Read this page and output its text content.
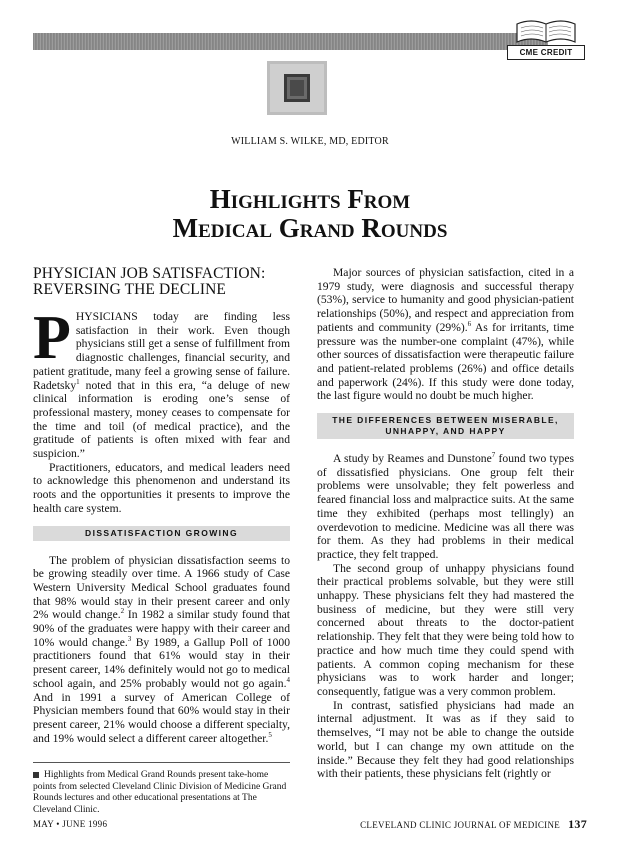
CME CREDIT
WILLIAM S. WILKE, MD, EDITOR
Highlights From
Medical Grand Rounds
PHYSICIAN JOB SATISFACTION:
REVERSING THE DECLINE

PHYSICIANS today are finding less satisfaction in their work. Even though physicians still get a sense of fulfillment from diagnostic challenges, financial security, and patient gratitude, many feel a growing sense of failure. Radetsky$^1$ noted that in this era, “a deluge of new clinical information is eroding one’s sense of professional mastery, money ceases to compensate for the time and toil (of medical practice), and the gratitude of patients is often mixed with fear and suspicion.”

Practitioners, educators, and medical leaders need to acknowledge this phenomenon and understand its roots and the opportunities it presents to improve the health care system.

DISSATISFACTION GROWING

The problem of physician dissatisfaction seems to be growing steadily over time. A 1966 study of Case Western University Medical School graduates found that 98% would stay in their present career and only 2% would change.$^2$ In 1982 a similar study found that 90% of the graduates were happy with their career and 10% would change.$^3$ By 1989, a Gallup Poll of 1000 practitioners found that 61% would stay in their present career, 14% definitely would not go to medical school again, and 25% probably would not go again.$^4$ And in 1991 a survey of American College of Physician members found that 60% would stay in their present career, 21% would choose a different specialty, and 19% would select a different career altogether.$^5$

Highlights from Medical Grand Rounds present take-home points from selected Cleveland Clinic Division of Medicine Grand Rounds lectures and other educational presentations at The Cleveland Clinic.

Major sources of physician satisfaction, cited in a 1979 study, were diagnosis and successful therapy (53%), service to humanity and good physician-patient relationships (50%), and respect and appreciation from patients and community (29%).$^6$ As for irritants, time pressure was the number-one complaint (47%), while other sources of dissatisfaction were therapeutic failure and patient-related problems (26%) and office details and paperwork (24%). If this study were done today, the last figure would no doubt be much higher.

THE DIFFERENCES BETWEEN MISERABLE, UNHAPPY, AND HAPPY

A study by Reames and Dunstone$^7$ found two types of dissatisfied physicians. One group felt their problems were unsolvable; they felt powerless and feared financial loss and malpractice suits. At the same time they exhibited (perhaps most tellingly) an overdevotion to medicine. Medicine was all there was for them. As they had problems in their medical practice, they felt trapped.

The second group of unhappy physicians found their practical problems solvable, but they were still unhappy. These physicians felt they had mastered the business of medicine, but they were still very concerned about threats to the doctor-patient relationship. They felt that they were being told how to practice and how much time they could spend with patients. A common coping mechanism for these physicians was to work harder and longer; consequently, fatigue was a very common problem.

In contrast, satisfied physicians had made an internal adjustment. It was as if they said to themselves, “I may not be able to change the outside world, but I can change my own attitude on the inside.” Because they felt they had good relationships with their patients, these physicians felt (rightly or

MAY • JUNE 1996	CLEVELAND CLINIC JOURNAL OF MEDICINE 137
